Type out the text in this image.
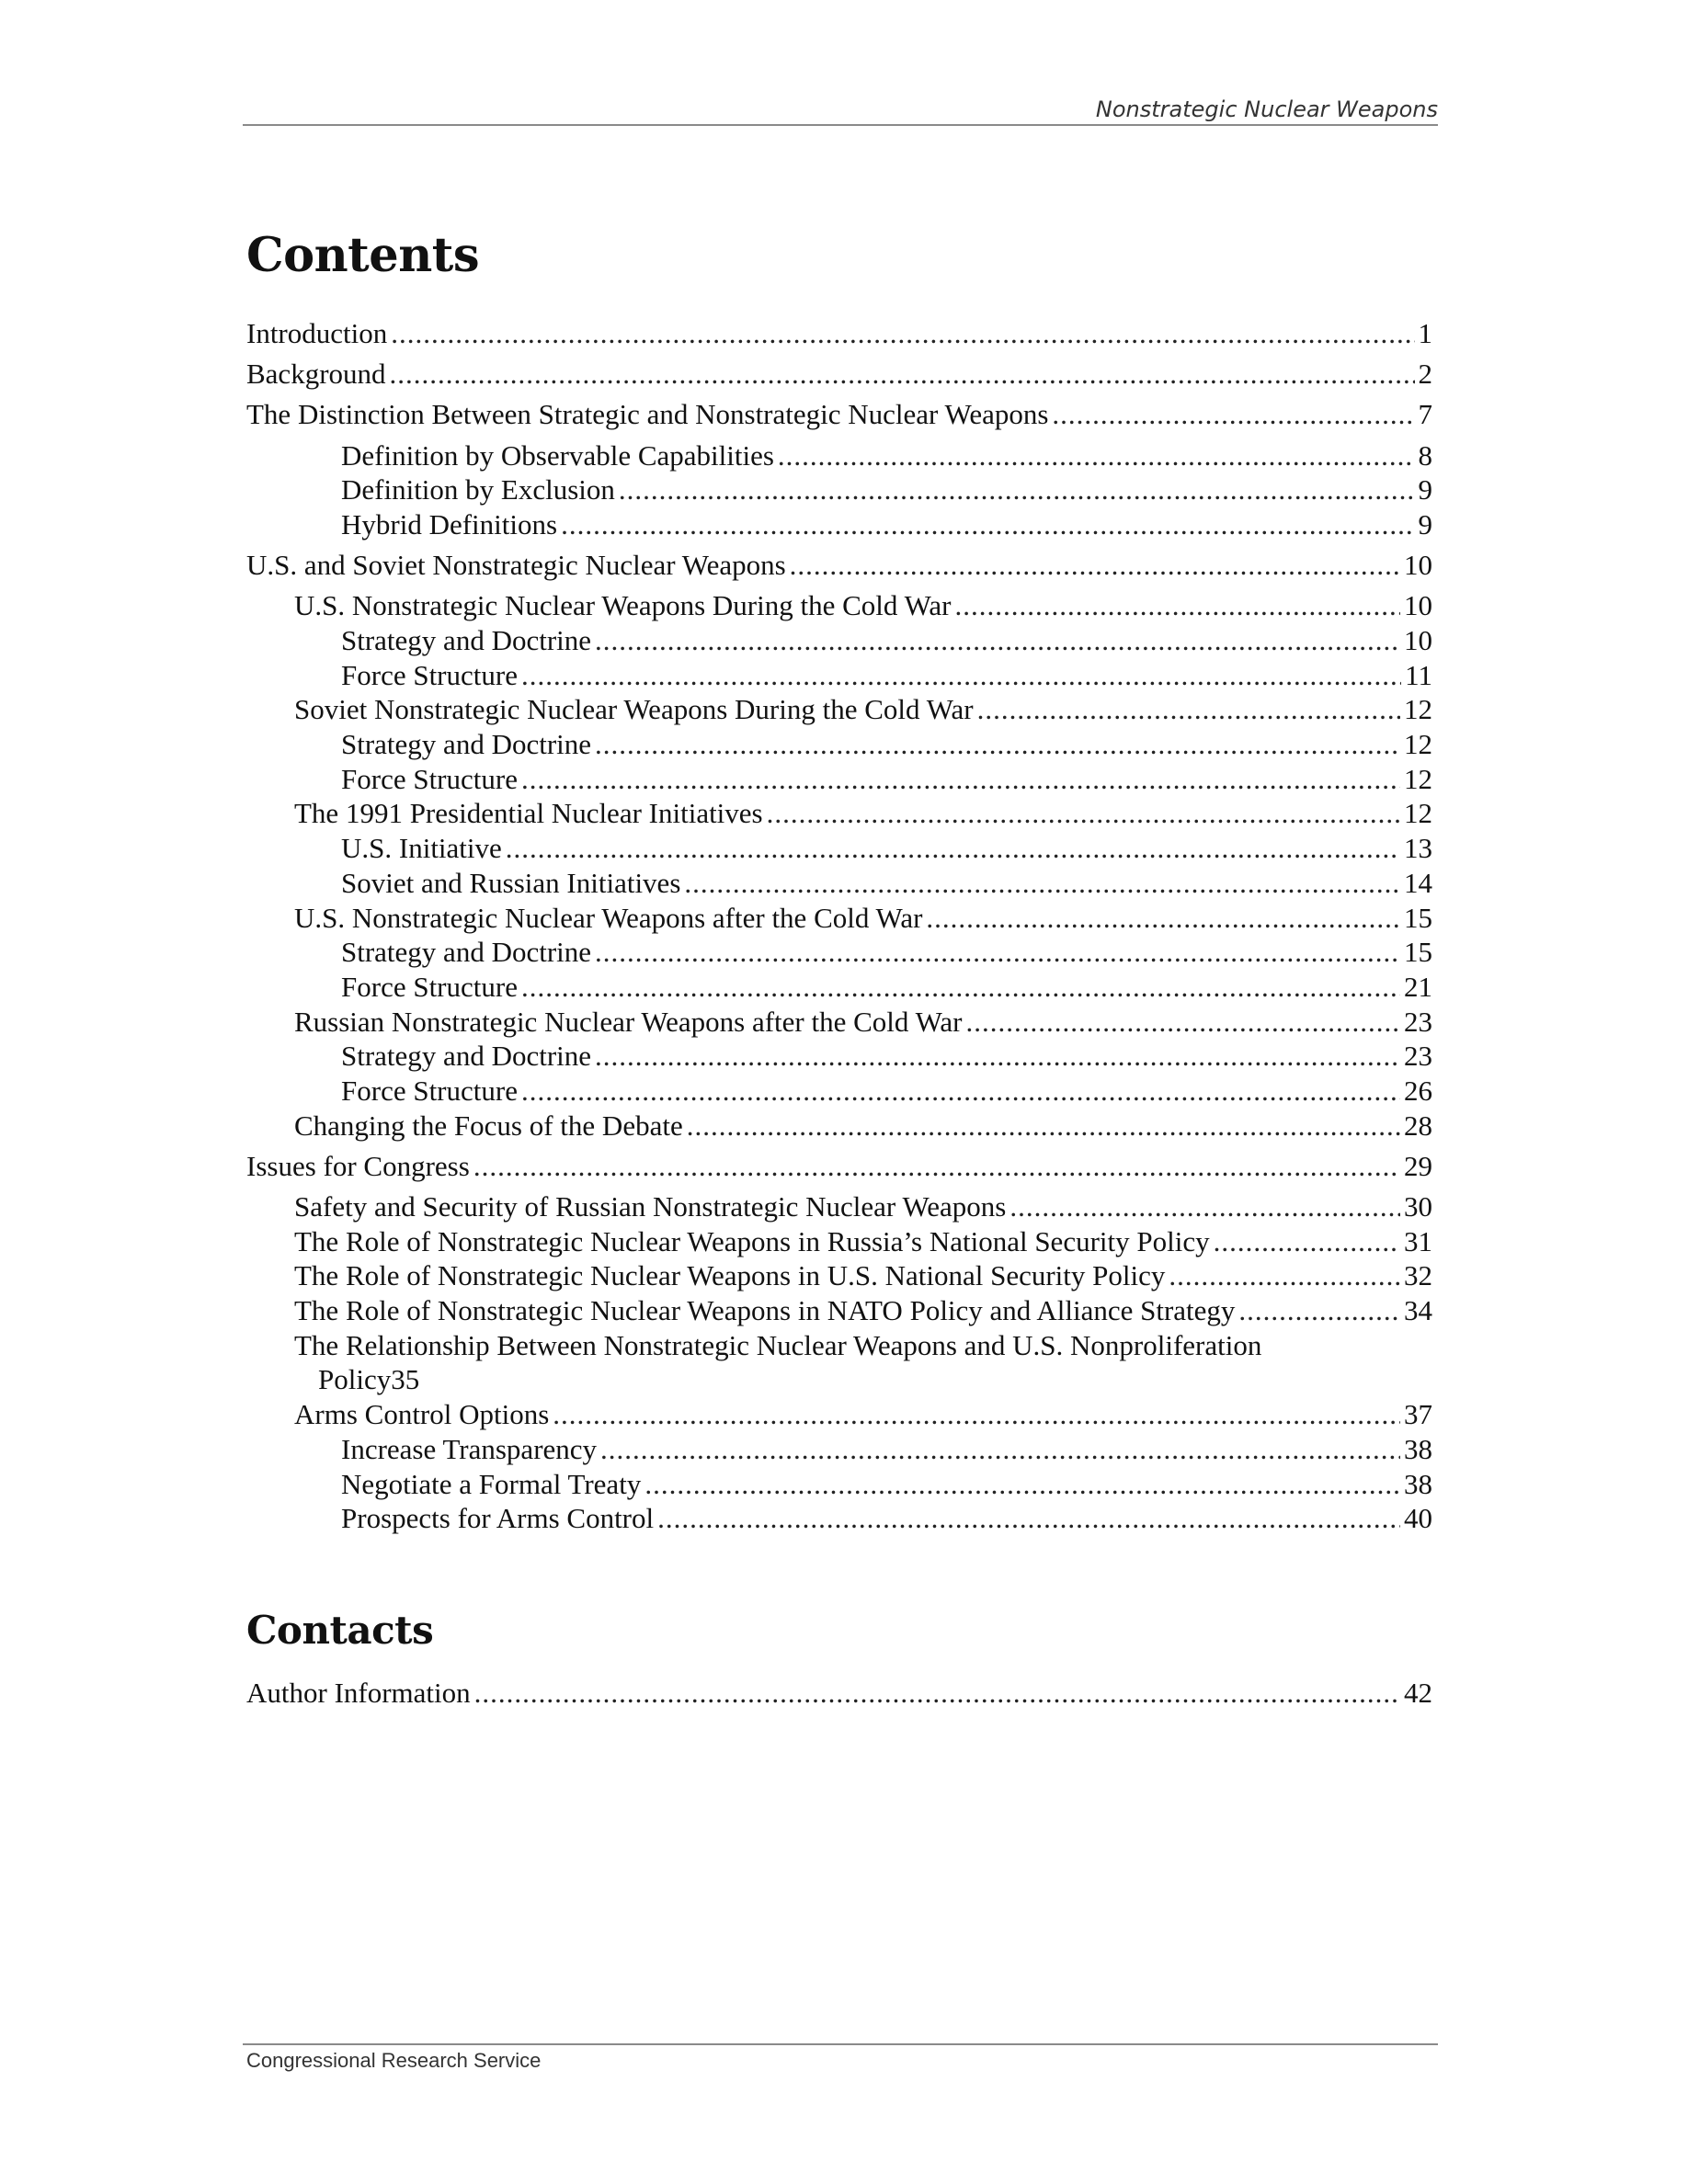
Nonstrategic Nuclear Weapons
Contents
Introduction .....	1
Background .....	2
The Distinction Between Strategic and Nonstrategic Nuclear Weapons .....	7
Definition by Observable Capabilities .....	8
Definition by Exclusion .....	9
Hybrid Definitions .....	9
U.S. and Soviet Nonstrategic Nuclear Weapons .....	10
U.S. Nonstrategic Nuclear Weapons During the Cold War .....	10
Strategy and Doctrine .....	10
Force Structure .....	11
Soviet Nonstrategic Nuclear Weapons During the Cold War .....	12
Strategy and Doctrine .....	12
Force Structure .....	12
The 1991 Presidential Nuclear Initiatives .....	12
U.S. Initiative .....	13
Soviet and Russian Initiatives .....	14
U.S. Nonstrategic Nuclear Weapons after the Cold War .....	15
Strategy and Doctrine .....	15
Force Structure .....	21
Russian Nonstrategic Nuclear Weapons after the Cold War .....	23
Strategy and Doctrine .....	23
Force Structure .....	26
Changing the Focus of the Debate .....	28
Issues for Congress .....	29
Safety and Security of Russian Nonstrategic Nuclear Weapons .....	30
The Role of Nonstrategic Nuclear Weapons in Russia’s National Security Policy .....	31
The Role of Nonstrategic Nuclear Weapons in U.S. National Security Policy .....	32
The Role of Nonstrategic Nuclear Weapons in NATO Policy and Alliance Strategy .....	34
The Relationship Between Nonstrategic Nuclear Weapons and U.S. Nonproliferation
Policy 35
Arms Control Options .....	37
Increase Transparency .....	38
Negotiate a Formal Treaty .....	38
Prospects for Arms Control .....	40
Contacts
Author Information .....	42
Congressional Research Service
